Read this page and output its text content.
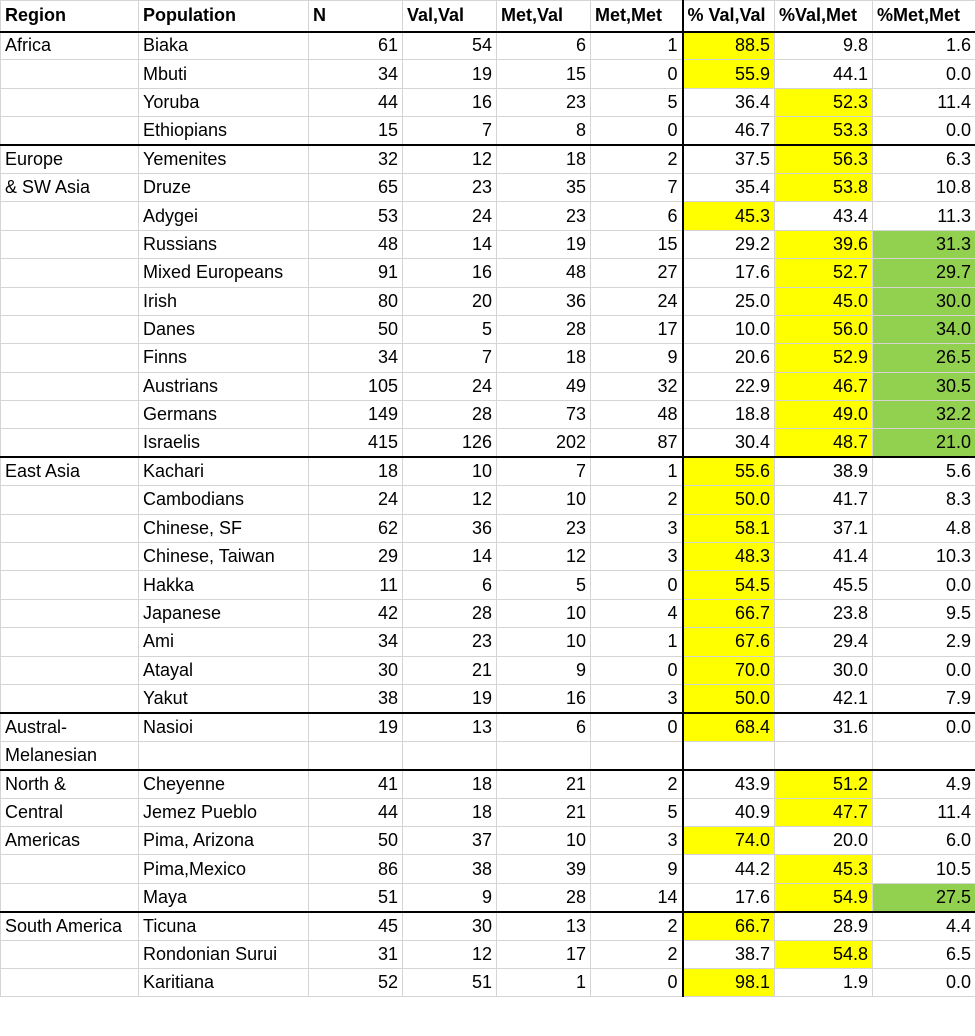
Region	Population	N	Val,Val	Met,Val	Met,Met	% Val,Val	%Val,Met	%Met,Met
Africa	Biaka	61	54	6	1	88.5	9.8	1.6
	Mbuti	34	19	15	0	55.9	44.1	0.0
	Yoruba	44	16	23	5	36.4	52.3	11.4
	Ethiopians	15	7	8	0	46.7	53.3	0.0
Europe	Yemenites	32	12	18	2	37.5	56.3	6.3
& SW Asia	Druze	65	23	35	7	35.4	53.8	10.8
	Adygei	53	24	23	6	45.3	43.4	11.3
	Russians	48	14	19	15	29.2	39.6	31.3
	Mixed Europeans	91	16	48	27	17.6	52.7	29.7
	Irish	80	20	36	24	25.0	45.0	30.0
	Danes	50	5	28	17	10.0	56.0	34.0
	Finns	34	7	18	9	20.6	52.9	26.5
	Austrians	105	24	49	32	22.9	46.7	30.5
	Germans	149	28	73	48	18.8	49.0	32.2
	Israelis	415	126	202	87	30.4	48.7	21.0
East Asia	Kachari	18	10	7	1	55.6	38.9	5.6
	Cambodians	24	12	10	2	50.0	41.7	8.3
	Chinese, SF	62	36	23	3	58.1	37.1	4.8
	Chinese, Taiwan	29	14	12	3	48.3	41.4	10.3
	Hakka	11	6	5	0	54.5	45.5	0.0
	Japanese	42	28	10	4	66.7	23.8	9.5
	Ami	34	23	10	1	67.6	29.4	2.9
	Atayal	30	21	9	0	70.0	30.0	0.0
	Yakut	38	19	16	3	50.0	42.1	7.9
Austral-	Nasioi	19	13	6	0	68.4	31.6	0.0
Melanesian								
North &	Cheyenne	41	18	21	2	43.9	51.2	4.9
Central	Jemez Pueblo	44	18	21	5	40.9	47.7	11.4
Americas	Pima, Arizona	50	37	10	3	74.0	20.0	6.0
	Pima,Mexico	86	38	39	9	44.2	45.3	10.5
	Maya	51	9	28	14	17.6	54.9	27.5
South America	Ticuna	45	30	13	2	66.7	28.9	4.4
	Rondonian Surui	31	12	17	2	38.7	54.8	6.5
	Karitiana	52	51	1	0	98.1	1.9	0.0
